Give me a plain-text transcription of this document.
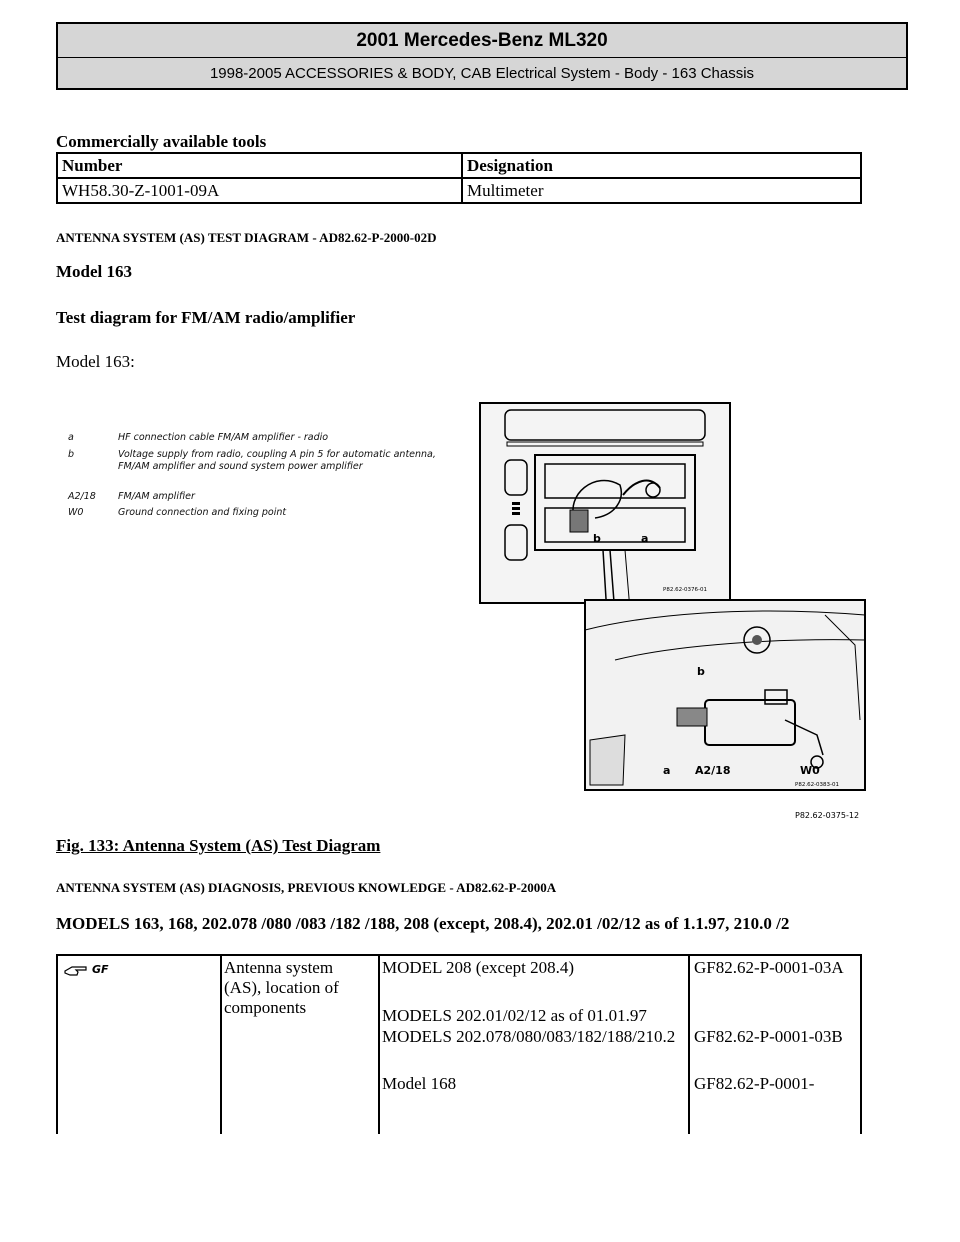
2001 Mercedes-Benz ML320
1998-2005 ACCESSORIES & BODY, CAB Electrical System - Body - 163 Chassis
Commercially available tools
Number	Designation
WH58.30-Z-1001-09A	Multimeter
ANTENNA SYSTEM (AS) TEST DIAGRAM - AD82.62-P-2000-02D
Model 163
Test diagram for FM/AM radio/amplifier
Model 163:
a	HF connection cable FM/AM amplifier - radio
b	Voltage supply from radio, coupling A pin 5 for automatic antenna, FM/AM amplifier and sound system power amplifier
A2/18	FM/AM amplifier
W0	Ground connection and fixing point
b	a
P82.62-0376-01
b
a A2/18	W0
P82.62-0383-01
P82.62-0375-12
Fig. 133: Antenna System (AS) Test Diagram
ANTENNA SYSTEM (AS) DIAGNOSIS, PREVIOUS KNOWLEDGE - AD82.62-P-2000A
MODELS 163, 168, 202.078 /080 /083 /182 /188, 208 (except, 208.4), 202.01 /02/12 as of 1.1.97, 210.0 /2
GF	Antenna system (AS), location of components
MODEL 208 (except 208.4)	GF82.62-P-0001-03A
MODELS 202.01/02/12 as of 01.01.97
MODELS 202.078/080/083/182/188/210.2	GF82.62-P-0001-03B
Model 168	GF82.62-P-0001-
